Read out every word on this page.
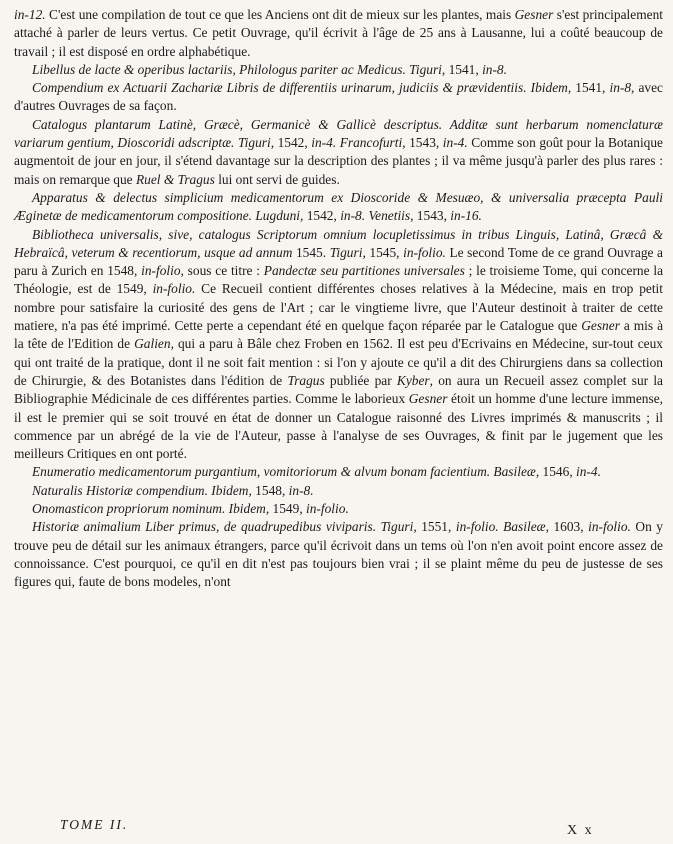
in-12. C'est une compilation de tout ce que les Anciens ont dit de mieux sur les plantes, mais Gesner s'est principalement attaché à parler de leurs vertus. Ce petit Ouvrage, qu'il écrivit à l'âge de 25 ans à Lausanne, lui a coûté beaucoup de travail ; il est disposé en ordre alphabétique.

Libellus de lacte & operibus lactariis, Philologus pariter ac Medicus. Tiguri, 1541, in-8.

Compendium ex Actuarii Zachariæ Libris de differentiis urinarum, judiciis & prævidentiis. Ibidem, 1541, in-8, avec d'autres Ouvrages de sa façon.

Catalogus plantarum Latinè, Græcè, Germanicè & Gallicè descriptus. Additæ sunt herbarum nomenclaturæ variarum gentium, Dioscoridi adscriptæ. Tiguri, 1542, in-4. Francofurti, 1543, in-4. Comme son goût pour la Botanique augmentoit de jour en jour, il s'étend davantage sur la description des plantes ; il va même jusqu'à parler des plus rares : mais on remarque que Ruel & Tragus lui ont servi de guides.

Apparatus & delectus simplicium medicamentorum ex Dioscoride & Mesuæo, & universalia præcepta Pauli Æginetæ de medicamentorum compositione. Lugduni, 1542, in-8. Venetiis, 1543, in-16.

Bibliotheca universalis, sive, catalogus Scriptorum omnium locupletissimus in tribus Linguis, Latinâ, Græcâ & Hebraïcâ, veterum & recentiorum, usque ad annum 1545. Tiguri, 1545, in-folio. Le second Tome de ce grand Ouvrage a paru à Zurich en 1548, in-folio, sous ce titre : Pandectæ seu partitiones universales ; le troisieme Tome, qui concerne la Théologie, est de 1549, in-folio. Ce Recueil contient différentes choses relatives à la Médecine, mais en trop petit nombre pour satisfaire la curiosité des gens de l'Art ; car le vingtieme livre, que l'Auteur destinoit à traiter de cette matiere, n'a pas été imprimé. Cette perte a cependant été en quelque façon réparée par le Catalogue que Gesner a mis à la tête de l'Edition de Galien, qui a paru à Bâle chez Froben en 1562. Il est peu d'Ecrivains en Médecine, sur-tout ceux qui ont traité de la pratique, dont il ne soit fait mention : si l'on y ajoute ce qu'il a dit des Chirurgiens dans sa collection de Chirurgie, & des Botanistes dans l'édition de Tragus publiée par Kyber, on aura un Recueil assez complet sur la Bibliographie Médicinale de ces différentes parties. Comme le laborieux Gesner étoit un homme d'une lecture immense, il est le premier qui se soit trouvé en état de donner un Catalogue raisonné des Livres imprimés & manuscrits ; il commence par un abrégé de la vie de l'Auteur, passe à l'analyse de ses Ouvrages, & finit par le jugement que les meilleurs Critiques en ont porté.

Enumeratio medicamentorum purgantium, vomitoriorum & alvum bonam facientium. Basileæ, 1546, in-4.

Naturalis Historiæ compendium. Ibidem, 1548, in-8.

Onomasticon propriorum nominum. Ibidem, 1549, in-folio.

Historiæ animalium Liber primus, de quadrupedibus viviparis. Tiguri, 1551, in-folio. Basileæ, 1603, in-folio. On y trouve peu de détail sur les animaux étrangers, parce qu'il écrivoit dans un tems où l'on n'en avoit point encore assez de connoissance. C'est pourquoi, ce qu'il en dit n'est pas toujours bien vrai ; il se plaint même du peu de justesse de ses figures qui, faute de bons modeles, n'ont

TOME II.	X x
